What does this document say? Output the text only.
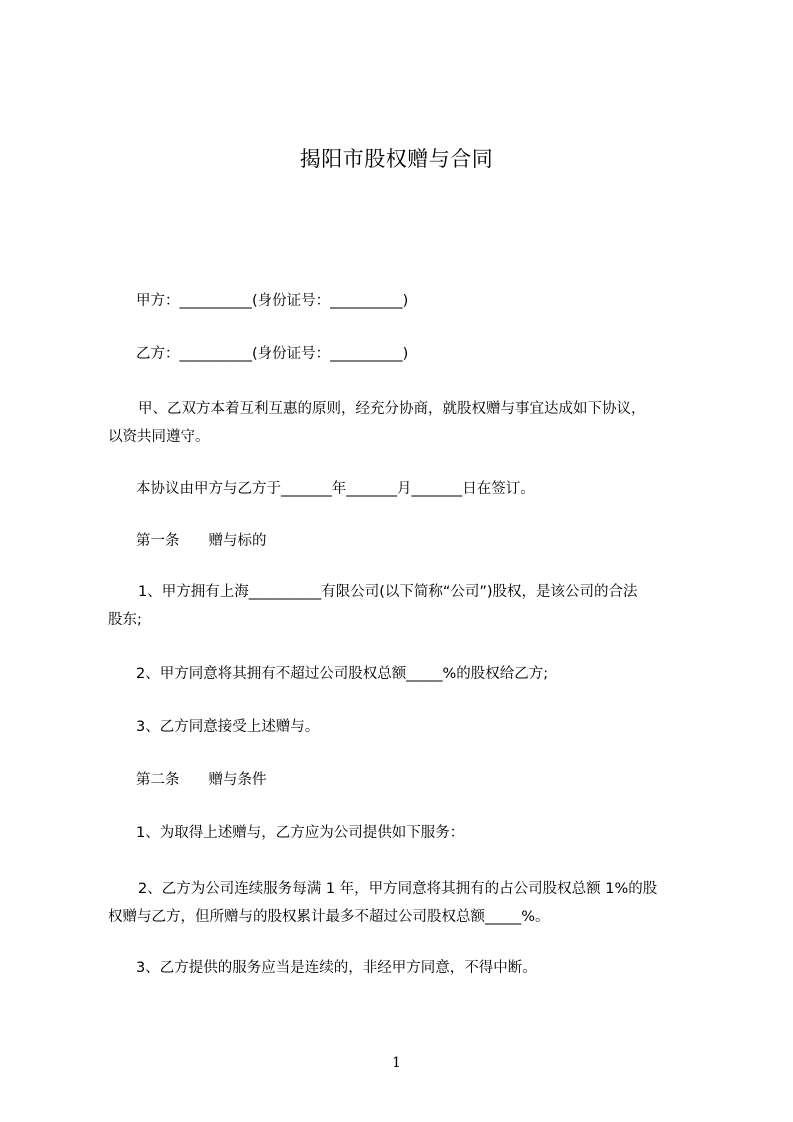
揭阳市股权赠与合同
甲方：__________(身份证号：__________)
乙方：__________(身份证号：__________)
甲、乙双方本着互利互惠的原则，经充分协商，就股权赠与事宜达成如下协议，
以资共同遵守。
本协议由甲方与乙方于_______年_______月_______日在签订。
第一条　　赠与标的
1、甲方拥有上海__________有限公司(以下简称“公司”)股权，是该公司的合法
股东;
2、甲方同意将其拥有不超过公司股权总额_____%的股权给乙方;
3、乙方同意接受上述赠与。
第二条　　赠与条件
1、为取得上述赠与，乙方应为公司提供如下服务：
2、乙方为公司连续服务每满 1 年，甲方同意将其拥有的占公司股权总额 1%的股
权赠与乙方，但所赠与的股权累计最多不超过公司股权总额_____%。
3、乙方提供的服务应当是连续的，非经甲方同意，不得中断。
1
